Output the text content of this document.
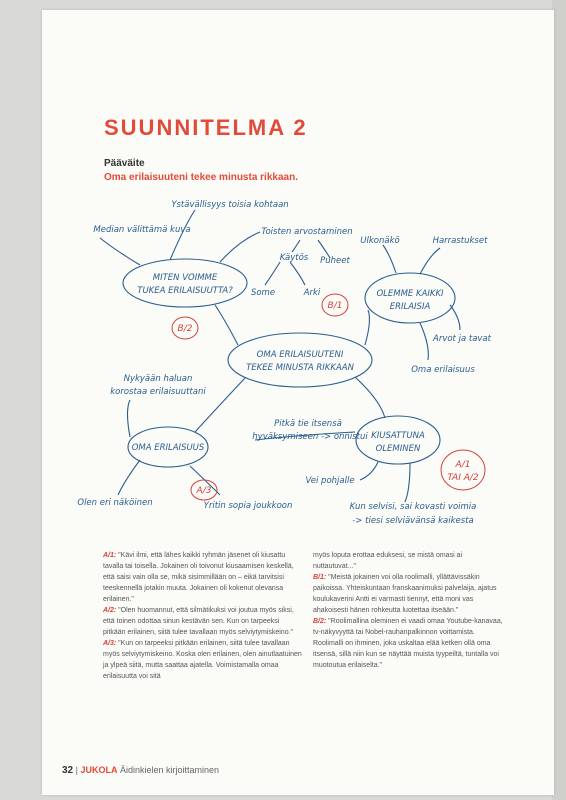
SUUNNITELMA 2
Pääväite
Oma erilaisuuteni tekee minusta rikkaan.
OMA ERILAISUUTENI
TEKEE MINUSTA RIKKAAN
MITEN VOIMME
TUKEA ERILAISUUTTA?	OLEMME KAIKKI
ERILAISIA
OMA ERILAISUUS
KIUSATTUNA
OLEMINEN
Ystävällisyys toisia kohtaan
Median välittämä kuva	Toisten arvostaminen
Käytös Puheet
Some	Arki
Ulkonäkö	Harrastukset
Arvot ja tavat
Oma erilaisuus
Nykyään haluan
korostaa erilaisuuttani
Pitkä tie itsensä
hyväksymiseen -> onnistui
Vei pohjalle
Olen eri näköinen	Yritin sopia joukkoon	Kun selvisi, sai kovasti voimia
-> tiesi selviävänsä kaikesta
B/2
B/1
A/3
A/1
TAI A/2

A/1: "Kävi ilmi, että lähes kaikki ryhmän jäsenet oli kiusattu tavalla tai toisella. Jokainen oli toivonut kiusaamisen keskellä, että saisi vain olla se, mikä sisimmillään on – eikä tarvitsisi teeskennellä jotakin muuta. Jokainen oli kokenut olevansa erilainen."

A/2: "Olen huomannut, että silmätikuksi voi joutua myös siksi, että toinen odottaa sinun kestävän sen. Kun on tarpeeksi pitkään erilainen, siitä tulee tavallaan myös selviytymiskeino."

A/3: "Kun on tarpeeksi pitkään erilainen, siitä tulee tavallaan myös selviytymiskeino. Koska olen erilainen, olen ainutlaatuinen ja ylpeä siitä, mutta saattaa ajatella. Voimistamalla omaa erilaisuutta voi sitä

myös loputa erottaa eduksesi, se mistä omasi ai nuttautuvat..."

B/1: "Meistä jokainen voi olla roolimalli, yllättävissäkin paikoissa. Yhteiskuntaan franskaanimuksi palvelaija, ajatus koulukaverini Antti ei varmasti tiennyt, että moni vas ahakoisesti hänen rohkeutta luotettaa itseään."

B/2: "Roolimallina oleminen ei vaadi omaa Youtube-kanavaa, tv-näkyvyyttä tai Nobel-rauhanpalkinnon voittamista. Roolimalli on ihminen, joka uskaltaa elää ketken ollä oma itsensä, sillä niin kun se näyttää muista tyypeiltä, tuntalla voi muotoutua erilaiselta."

32 | JUKOLA Äidinkielen kirjoittaminen
